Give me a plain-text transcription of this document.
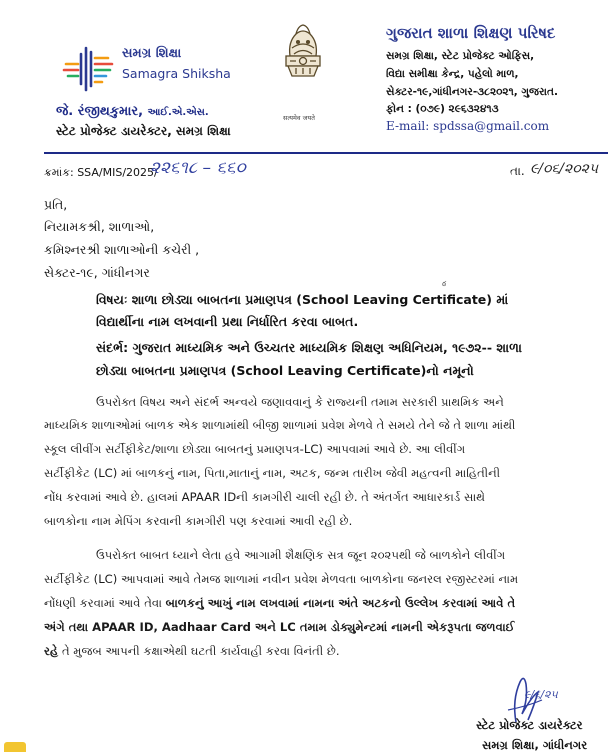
સમગ્ર શિક્ષા
Samagra Shiksha
જે. રંજીથકુમાર, આઈ.એ.એસ.
સ્ટેટ પ્રોજેક્ટ ડાયરેક્ટર, સમગ્ર શિક્ષા
सत्यमेव जयते
ગુજરાત શાળા શિક્ષણ પરિષદ
સમગ્ર શિક્ષા, સ્ટેટ પ્રોજેક્ટ ઓફિસ,
વિદ્યા સમીક્ષા કેન્દ્ર, પહેલો માળ,
સેક્ટર-૧૯,ગાંધીનગર-૩૮૨૦૨૧, ગુજરાત.
ફોન : (૦૭૯) ૨૯૬૩૨૪૧૩
E-mail: spdssa@gmail.com
ક્રમાંક: SSA/MIS/2025/
૨૨૬૧૮ – ૬૬૦	તા. ૯/૦૬/૨૦૨૫
પ્રતિ,
નિયામકશ્રી, શાળાઓ,
કમિશ્નરશ્રી શાળાઓની કચેરી ,
સેક્ટર-૧૯, ગાંધીનગર
ఠ
વિષયઃ શાળા છોડ્યા બાબતના પ્રમાણપત્ર (School Leaving Certificate) માં
વિદ્યાર્થીના નામ લખવાની પ્રથા નિર્ધારિત કરવા બાબત.
સંદર્ભ: ગુજરાત માધ્યમિક અને ઉચ્ચતર માધ્યમિક શિક્ષણ અધિનિયમ, ૧૯૭૨-- શાળા
છોડ્યા બાબતના પ્રમાણપત્ર (School Leaving Certificate)નો નમૂનો
ઉપરોક્ત વિષય અને સંદર્ભ અન્વયે જણાવવાનું કે રાજ્યની તમામ સરકારી પ્રાથમિક અને
માધ્યમિક શાળાઓમાં બાળક એક શાળામાંથી બીજી શાળામાં પ્રવેશ મેળવે તે સમયે તેને જે તે શાળા માંથી
સ્કૂલ લીવીંગ સર્ટીફીકેટ/શાળા છોડ્યા બાબતનું પ્રમાણપત્ર-LC) આપવામાં આવે છે. આ લીવીંગ
સર્ટીફીકેટ (LC) માં બાળકનું નામ, પિતા,માતાનું નામ, અટક, જન્મ તારીખ જેવી મહત્વની માહિતીની
નોંધ કરવામાં આવે છે. હાલમાં APAAR IDની કામગીરી ચાલી રહી છે. તે અંતર્ગત આધારકાર્ડ સાથે
બાળકોના નામ મેપિંગ કરવાની કામગીરી પણ કરવામાં આવી રહી છે.
ઉપરોક્ત બાબત ધ્યાને લેતા હવે આગામી શૈક્ષણિક સત્ર જૂન ૨૦૨૫થી જે બાળકોને લીવીંગ
સર્ટીફીકેટ (LC) આપવામાં આવે તેમજ શાળામાં નવીન પ્રવેશ મેળવતા બાળકોના જનરલ રજીસ્ટરમાં નામ
નોંધણી કરવામાં આવે તેવા બાળકનું આખું નામ લખવામાં નામના અંતે અટકનો ઉલ્લેખ કરવામાં આવે તે
અંગે તથા APAAR ID, Aadhaar Card અને LC તમામ ડોક્યુમેન્ટમાં નામની એકરૂપતા જળવાઈ
રહે તે મુજબ આપની કક્ષાએથી ઘટતી કાર્યવાહી કરવા વિનંતી છે.
૯/૬/૨૫
સ્ટેટ પ્રોજેક્ટ ડાયરેક્ટર
સમગ્ર શિક્ષા, ગાંધીનગર
